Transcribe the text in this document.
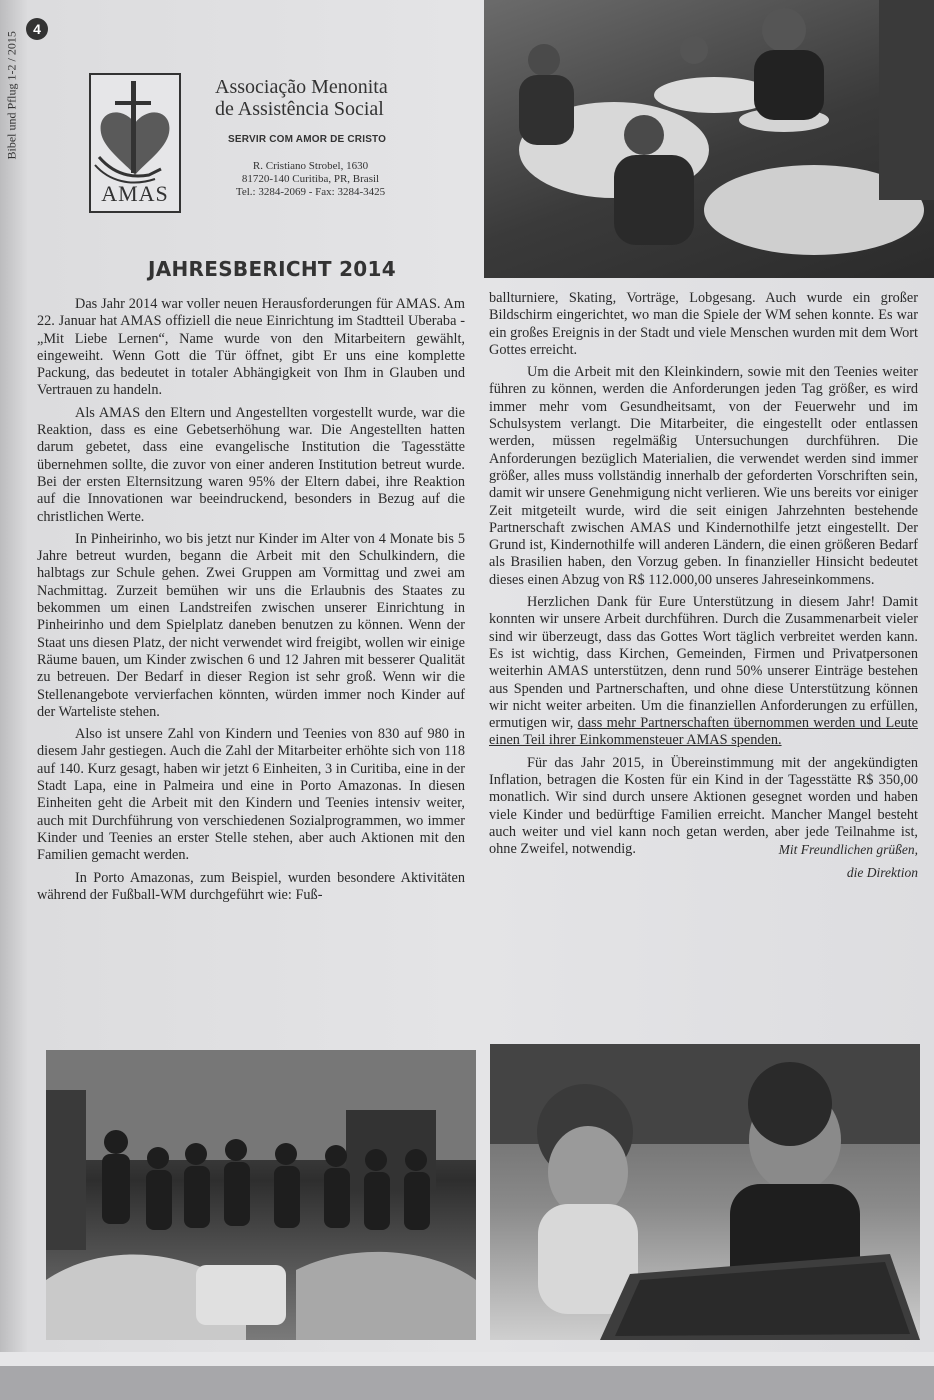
Bibel und Pflug 1-2 / 2015
4
AMAS
Associação Menonita
de Assistência Social
SERVIR COM AMOR DE CRISTO
R. Cristiano Strobel, 1630
81720-140 Curitiba, PR, Brasil
Tel.: 3284-2069 - Fax: 3284-3425
JAHRESBERICHT 2014

Das Jahr 2014 war voller neuen Herausforderungen für AMAS. Am 22. Januar hat AMAS offiziell die neue Einrichtung im Stadtteil Uberaba - „Mit Liebe Lernen“, Name wurde von den Mitarbeitern gewählt, eingeweiht. Wenn Gott die Tür öffnet, gibt Er uns eine komplette Packung, das bedeutet in totaler Abhängigkeit von Ihm in Glauben und Vertrauen zu handeln.

Als AMAS den Eltern und Angestellten vorgestellt wurde, war die Reaktion, dass es eine Gebetserhöhung war. Die Angestellten hatten darum gebetet, dass eine evangelische Institution die Tagesstätte übernehmen sollte, die zuvor von einer anderen Institution betreut wurde. Bei der ersten Elternsitzung waren 95% der Eltern dabei, ihre Reaktion auf die Innovationen war beeindruckend, besonders in Bezug auf die christlichen Werte.

In Pinheirinho, wo bis jetzt nur Kinder im Alter von 4 Monate bis 5 Jahre betreut wurden, begann die Arbeit mit den Schulkindern, die halbtags zur Schule gehen. Zwei Gruppen am Vormittag und zwei am Nachmittag. Zurzeit bemühen wir uns die Erlaubnis des Staates zu bekommen um einen Landstreifen zwischen unserer Einrichtung in Pinheirinho und dem Spielplatz daneben benutzen zu können. Wenn der Staat uns diesen Platz, der nicht verwendet wird freigibt, wollen wir einige Räume bauen, um Kinder zwischen 6 und 12 Jahren mit besserer Qualität zu betreuen. Der Bedarf in dieser Region ist sehr groß. Wenn wir die Stellenangebote vervierfachen könnten, würden immer noch Kinder auf der Warteliste stehen.

Also ist unsere Zahl von Kindern und Teenies von 830 auf 980 in diesem Jahr gestiegen. Auch die Zahl der Mitarbeiter erhöhte sich von 118 auf 140. Kurz gesagt, haben wir jetzt 6 Einheiten, 3 in Curitiba, eine in der Stadt Lapa, eine in Palmeira und eine in Porto Amazonas. In diesen Einheiten geht die Arbeit mit den Kindern und Teenies intensiv weiter, auch mit Durchführung von verschiedenen Sozialprogrammen, wo immer Kinder und Teenies an erster Stelle stehen, aber auch Aktionen mit den Familien gemacht werden.

In Porto Amazonas, zum Beispiel, wurden besondere Aktivitäten während der Fußball-WM durchgeführt wie: Fuß-

ballturniere, Skating, Vorträge, Lobgesang. Auch wurde ein großer Bildschirm eingerichtet, wo man die Spiele der WM sehen konnte. Es war ein großes Ereignis in der Stadt und viele Menschen wurden mit dem Wort Gottes erreicht.

Um die Arbeit mit den Kleinkindern, sowie mit den Teenies weiter führen zu können, werden die Anforderungen jeden Tag größer, es wird immer mehr vom Gesundheitsamt, von der Feuerwehr und im Schulsystem verlangt. Die Mitarbeiter, die eingestellt oder entlassen werden, müssen regelmäßig Untersuchungen durchführen. Die Anforderungen bezüglich Materialien, die verwendet werden sind immer größer, alles muss vollständig innerhalb der geforderten Vorschriften sein, damit wir unsere Genehmigung nicht verlieren. Wie uns bereits vor einiger Zeit mitgeteilt wurde, wird die seit einigen Jahrzehnten bestehende Partnerschaft zwischen AMAS und Kindernothilfe jetzt eingestellt. Der Grund ist, Kindernothilfe will anderen Ländern, die einen größeren Bedarf als Brasilien haben, den Vorzug geben. In finanzieller Hinsicht bedeutet dieses einen Abzug von R$ 112.000,00 unseres Jahreseinkommens.

Herzlichen Dank für Eure Unterstützung in diesem Jahr! Damit konnten wir unsere Arbeit durchführen. Durch die Zusammenarbeit vieler sind wir überzeugt, dass das Gottes Wort täglich verbreitet werden kann. Es ist wichtig, dass Kirchen, Gemeinden, Firmen und Privatpersonen weiterhin AMAS unterstützen, denn rund 50% unserer Einträge bestehen aus Spenden und Partnerschaften, und ohne diese Unterstützung können wir nicht weiter arbeiten. Um die finanziellen Anforderungen zu erfüllen, ermutigen wir, dass mehr Partnerschaften übernommen werden und Leute einen Teil ihrer Einkommensteuer AMAS spenden.

Für das Jahr 2015, in Übereinstimmung mit der angekündigten Inflation, betragen die Kosten für ein Kind in der Tagesstätte R$ 350,00 monatlich. Wir sind durch unsere Aktionen gesegnet worden und haben viele Kinder und bedürftige Familien erreicht. Mancher Mangel besteht auch weiter und viel kann noch getan werden, aber jede Teilnahme ist, ohne Zweifel, notwendig.	Mit Freundlichen grüßen,

die Direktion
